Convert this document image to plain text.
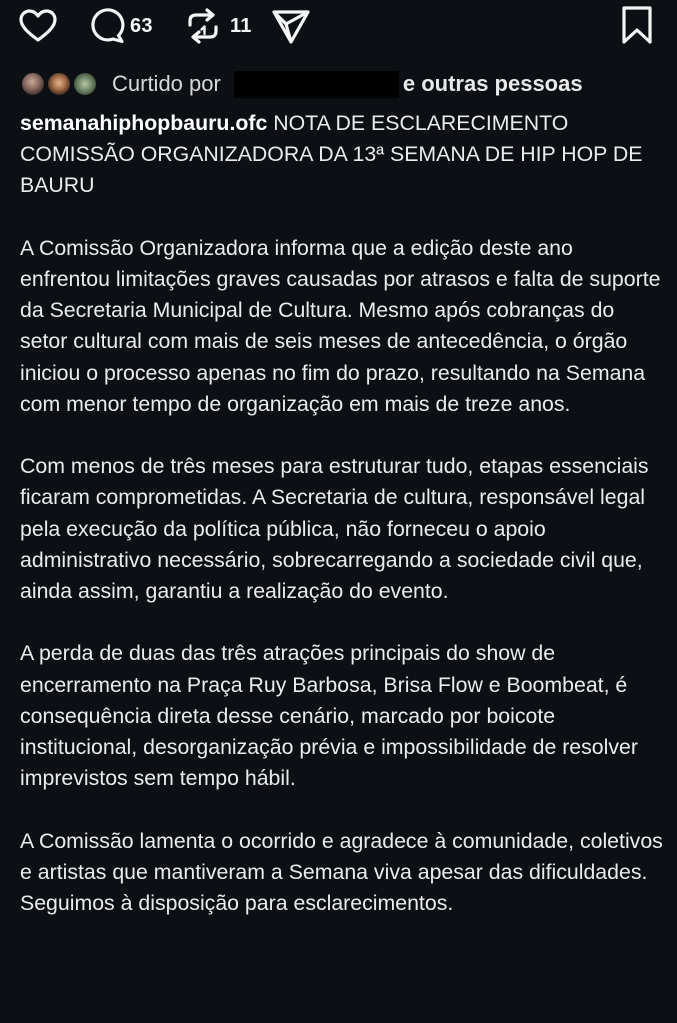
63	11
Curtido por	e outras pessoas

semanahiphopbauru.ofc NOTA DE ESCLARECIMENTO COMISSÃO ORGANIZADORA DA 13ª SEMANA DE HIP HOP DE BAURU

A Comissão Organizadora informa que a edição deste ano enfrentou limitações graves causadas por atrasos e falta de suporte da Secretaria Municipal de Cultura. Mesmo após cobranças do setor cultural com mais de seis meses de antecedência, o órgão iniciou o processo apenas no fim do prazo, resultando na Semana com menor tempo de organização em mais de treze anos.

Com menos de três meses para estruturar tudo, etapas essenciais ficaram comprometidas. A Secretaria de cultura, responsável legal pela execução da política pública, não forneceu o apoio administrativo necessário, sobrecarregando a sociedade civil que, ainda assim, garantiu a realização do evento.

A perda de duas das três atrações principais do show de encerramento na Praça Ruy Barbosa, Brisa Flow e Boombeat, é consequência direta desse cenário, marcado por boicote institucional, desorganização prévia e impossibilidade de resolver imprevistos sem tempo hábil.

A Comissão lamenta o ocorrido e agradece à comunidade, coletivos e artistas que mantiveram a Semana viva apesar das dificuldades. Seguimos à disposição para esclarecimentos.
